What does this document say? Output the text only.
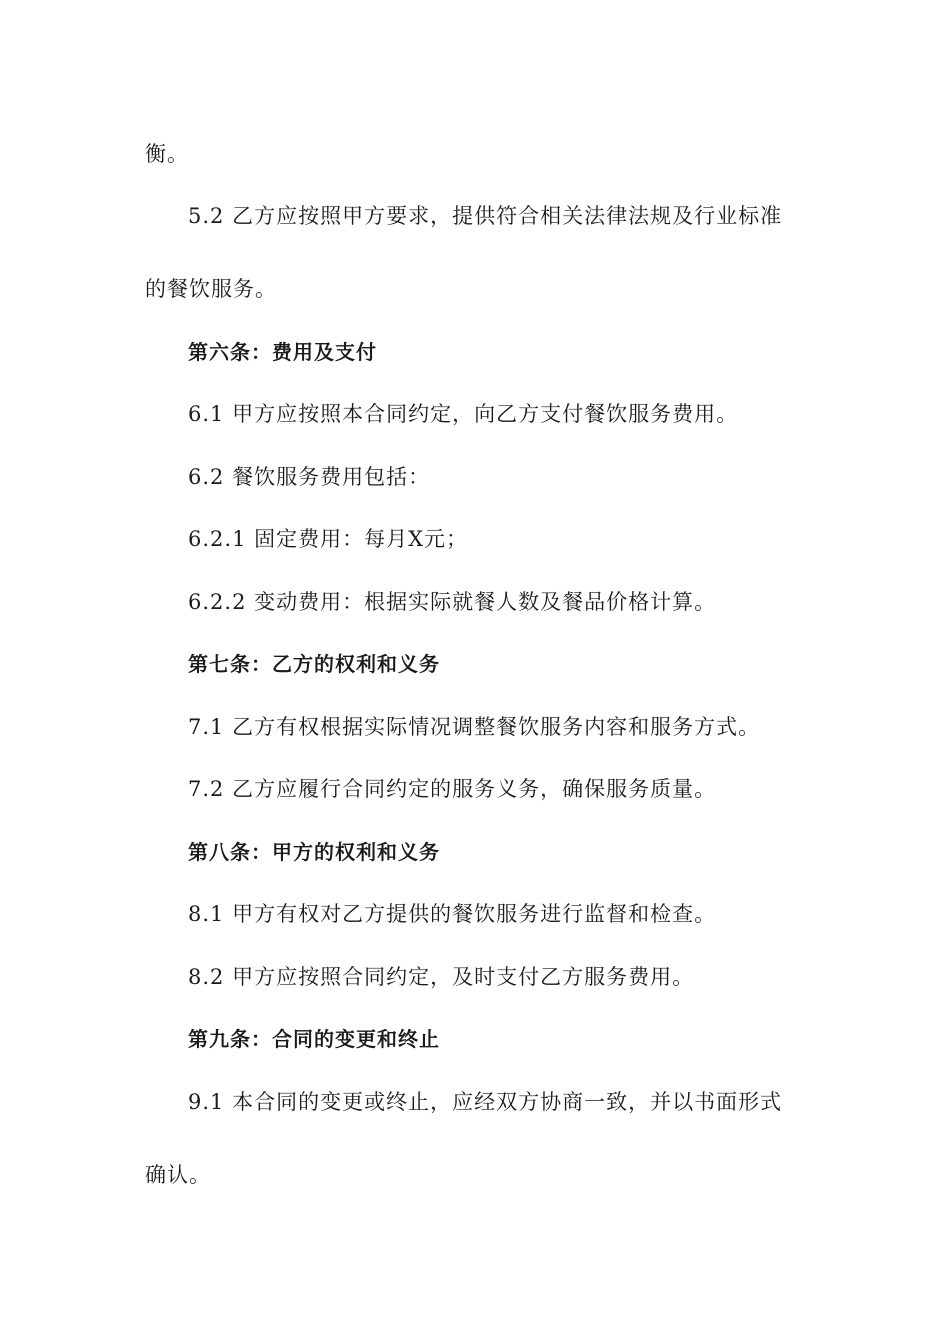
衡。
5.2 乙方应按照甲方要求，提供符合相关法律法规及行业标准
的餐饮服务。
第六条：费用及支付
6.1 甲方应按照本合同约定，向乙方支付餐饮服务费用。
6.2 餐饮服务费用包括：
6.2.1 固定费用：每月X元；
6.2.2 变动费用：根据实际就餐人数及餐品价格计算。
第七条：乙方的权利和义务
7.1 乙方有权根据实际情况调整餐饮服务内容和服务方式。
7.2 乙方应履行合同约定的服务义务，确保服务质量。
第八条：甲方的权利和义务
8.1 甲方有权对乙方提供的餐饮服务进行监督和检查。
8.2 甲方应按照合同约定，及时支付乙方服务费用。
第九条：合同的变更和终止
9.1 本合同的变更或终止，应经双方协商一致，并以书面形式
确认。
